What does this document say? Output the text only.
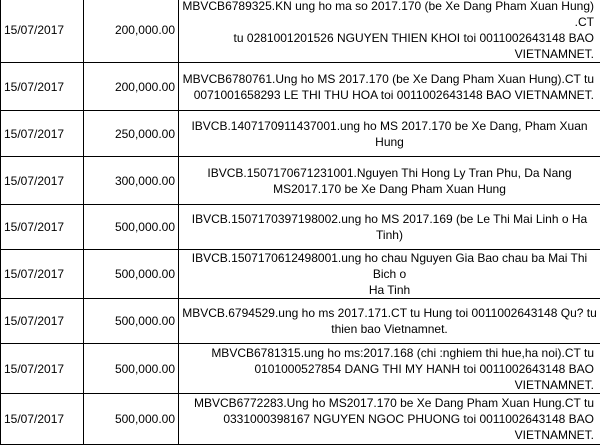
15/07/2017	200,000.00	MBVCB6789325.KN ung ho ma so 2017.170 (be Xe Dang Pham Xuan Hung) .CT
tu 0281001201526 NGUYEN THIEN KHOI toi 0011002643148 BAO
VIETNAMNET.
15/07/2017	200,000.00	MBVCB6780761.Ung ho MS 2017.170 (be Xe Dang Pham Xuan Hung).CT tu
0071001658293 LE THI THU HOA toi 0011002643148 BAO VIETNAMNET.
15/07/2017	250,000.00	IBVCB.1407170911437001.ung ho MS 2017.170 be Xe Dang, Pham Xuan Hung
15/07/2017	300,000.00	IBVCB.1507170671231001.Nguyen Thi Hong Ly Tran Phu, Da Nang
MS2017.170 be Xe Dang Pham Xuan Hung
15/07/2017	500,000.00	IBVCB.1507170397198002.ung ho MS 2017.169 (be Le Thi Mai Linh o Ha Tinh)
15/07/2017	500,000.00	IBVCB.1507170612498001.ung ho chau Nguyen Gia Bao chau ba Mai Thi Bich o
Ha Tinh
15/07/2017	500,000.00	MBVCB.6794529.ung ho ms 2017.171.CT tu Hung toi 0011002643148 Qu? tu
thien bao Vietnamnet.
15/07/2017	500,000.00	MBVCB6781315.ung ho ms:2017.168 (chi :nghiem thi hue,ha noi).CT tu
0101000527854 DANG THI MY HANH toi 0011002643148 BAO VIETNAMNET.
15/07/2017	500,000.00	MBVCB6772283.Ung ho MS2017.170 be Xe Dang Pham Xuan Hung.CT tu
0331000398167 NGUYEN NGOC PHUONG toi 0011002643148 BAO
VIETNAMNET.
